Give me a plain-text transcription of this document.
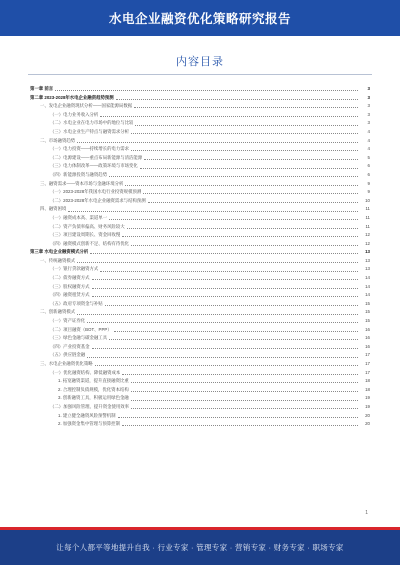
水电企业融资优化策略研究报告
内容目录
第一章 前言	3
第二章 2023-2028年水电企业融资趋势预测	3
一、发电企业融资现状分析——国家能源局数据	3
（一）电力业务收入分析	3
（二）水电企业在电力市场中的地位与比较	3
（三）水电企业生产特点与融资需求分析	4
二、市场融资趋势	4
（一）电力投资——持续增长的电力需求	4
（二）电源建设——重点布局新能源与清洁能源	5
（三）电力体制改革——政策环境与市场变化	6
（四）新能源投资与融资趋势	6
三、融资需求——资本市场与金融环境分析	9
（一）2023-2028年我国水电行业投资规模预测	9
（二）2023-2028年水电企业融资需求与结构预测	10
四、融资困境	11
（一）融资成本高、渠道单一	11
（二）资产负债率偏高、财务风险较大	11
（三）项目建设周期长、资金回收慢	12
（四）融资模式创新不足、结构有待优化	12
第三章 水电企业融资模式分析	13
一、传统融资模式	13
（一）银行贷款融资方式	13
（二）债券融资方式	14
（三）股权融资方式	14
（四）融资租赁方式	14
（五）政府专项资金与补贴	15
二、创新融资模式	15
（一）资产证券化	15
（二）项目融资（BOT、PPP）	16
（三）绿色金融与碳金融工具	16
（四）产业投资基金	16
（五）供应链金融	17
三、水电企业融资优化策略	17
（一）优化融资结构、降低融资成本	17
1. 拓宽融资渠道，提升直接融资比重	18
2. 合理控制负债规模，优化资本结构	18
3. 创新融资工具，积极运用绿色金融	19
（二）加强风险管理、提升资金使用效率	19
1. 建立健全融资风险预警机制	20
2. 加强资金集中管理与预算控制	20
1
让每个人都平等地提升自我 · 行业专家 · 管理专家 · 营销专家 · 财务专家 · 职场专家
